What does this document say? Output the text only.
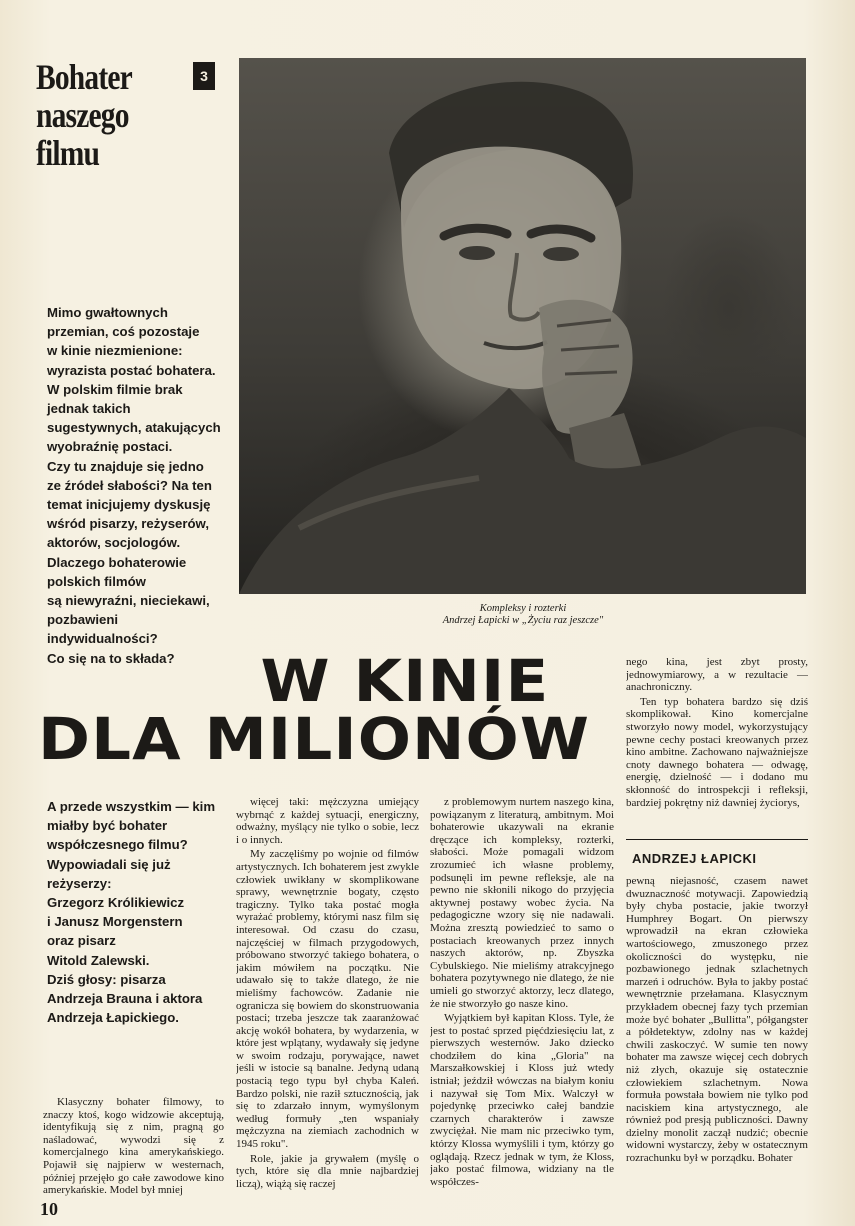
Bohater
naszego filmu
3
Kompleksy i rozterki
Andrzej Łapicki w „Życiu raz jeszcze"
Mimo gwałtownych
przemian, coś pozostaje
w kinie niezmienione:
wyrazista postać bohatera.
W polskim filmie brak
jednak takich
sugestywnych, atakujących
wyobraźnię postaci.
Czy tu znajduje się jedno
ze źródeł słabości? Na ten
temat inicjujemy dyskusję
wśród pisarzy, reżyserów,
aktorów, socjologów.
Dlaczego bohaterowie
polskich filmów
są niewyraźni, nieciekawi,
pozbawieni
indywidualności?
Co się na to składa?	W KINIE
DLA MILIONÓW
A przede wszystkim — kim
miałby być bohater
współczesnego filmu?
Wypowiadali się już
reżyserzy:
Grzegorz Królikiewicz
i Janusz Morgenstern
oraz pisarz
Witold Zalewski.
Dziś głosy: pisarza
Andrzeja Brauna i aktora
Andrzeja Łapickiego.

Klasyczny bohater filmowy, to znaczy ktoś, kogo widzowie akceptują, identyfikują się z nim, pragną go naśladować, wywodzi się z komercjalnego kina amerykańskiego. Pojawił się najpierw w westernach, później przejęło go całe zawodowe kino amerykańskie. Model był mniej

więcej taki: mężczyzna umiejący wybrnąć z każdej sytuacji, energiczny, odważny, myślący nie tylko o sobie, lecz i o innych.

My zaczęliśmy po wojnie od filmów artystycznych. Ich bohaterem jest zwykle człowiek uwikłany w skomplikowane sprawy, wewnętrznie bogaty, często tragiczny. Tylko taka postać mogła wyrażać problemy, którymi nasz film się interesował. Od czasu do czasu, najczęściej w filmach przygodowych, próbowano stworzyć takiego bohatera, o jakim mówiłem na początku. Nie udawało się to także dlatego, że nie mieliśmy fachowców. Zadanie nie ogranicza się bowiem do skonstruowania postaci; trzeba jeszcze tak zaaranżować akcję wokół bohatera, by wydarzenia, w które jest wplątany, wydawały się jedyne w swoim rodzaju, porywające, nawet jeśli w istocie są banalne. Jedyną udaną postacią tego typu był chyba Kaleń. Bardzo polski, nie raził sztucznością, jak się to zdarzało innym, wymyślonym według formuły „ten wspaniały mężczyzna na ziemiach zachodnich w 1945 roku".

Role, jakie ja grywałem (myślę o tych, które się dla mnie najbardziej liczą), wiążą się raczej

z problemowym nurtem naszego kina, powiązanym z literaturą, ambitnym. Moi bohaterowie ukazywali na ekranie dręczące ich kompleksy, rozterki, słabości. Może pomagali widzom zrozumieć ich własne problemy, podsunęli im pewne refleksje, ale na pewno nie skłonili nikogo do przyjęcia aktywnej postawy wobec życia. Na pedagogiczne wzory się nie nadawali. Można zresztą powiedzieć to samo o postaciach kreowanych przez innych naszych aktorów, np. Zbyszka Cybulskiego. Nie mieliśmy atrakcyjnego bohatera pozytywnego nie dlatego, że nie umieli go stworzyć aktorzy, lecz dlatego, że nie stworzyło go nasze kino.

Wyjątkiem był kapitan Kloss. Tyle, że jest to postać sprzed pięćdziesięciu lat, z pierwszych westernów. Jako dziecko chodziłem do kina „Gloria" na Marszałkowskiej i Kloss już wtedy istniał; jeździł wówczas na białym koniu i nazywał się Tom Mix. Walczył w pojedynkę przeciwko całej bandzie czarnych charakterów i zawsze zwyciężał. Nie mam nic przeciwko tym, którzy Klossa wymyślili i tym, którzy go oglądają. Rzecz jednak w tym, że Kloss, jako postać filmowa, widziany na tle współczes-

nego kina, jest zbyt prosty, jednowymiarowy, a w rezultacie — anachroniczny.

Ten typ bohatera bardzo się dziś skomplikował. Kino komercjalne stworzyło nowy model, wykorzystujący pewne cechy postaci kreowanych przez kino ambitne. Zachowano najważniejsze cnoty dawnego bohatera — odwagę, energię, dzielność — i dodano mu skłonność do introspekcji i refleksji, bardziej pokrętny niż dawniej życiorys,

ANDRZEJ ŁAPICKI

pewną niejasność, czasem nawet dwuznaczność motywacji. Zapowiedzią były chyba postacie, jakie tworzył Humphrey Bogart. On pierwszy wprowadził na ekran człowieka wartościowego, zmuszonego przez okoliczności do występku, nie pozbawionego jednak szlachetnych marzeń i odruchów. Była to jakby postać wewnętrznie przełamana. Klasycznym przykładem obecnej fazy tych przemian może być bohater „Bullitta", półgangster a półdetektyw, zdolny nas w każdej chwili zaskoczyć. W sumie ten nowy bohater ma zawsze więcej cech dobrych niż złych, okazuje się ostatecznie człowiekiem szlachetnym. Nowa formuła powstała bowiem nie tylko pod naciskiem kina artystycznego, ale również pod presją publiczności. Dawny dzielny monolit zaczął nudzić; obecnie widowni wystarczy, żeby w ostatecznym rozrachunku był w porządku. Bohater

10
